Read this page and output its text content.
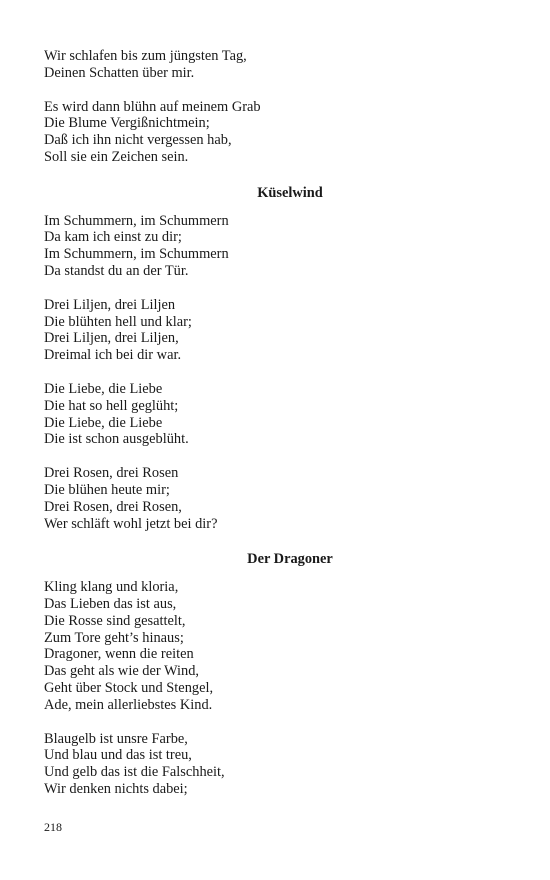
Wir schlafen bis zum jüngsten Tag,
Deinen Schatten über mir.
Es wird dann blühn auf meinem Grab
Die Blume Vergißnichtmein;
Daß ich ihn nicht vergessen hab,
Soll sie ein Zeichen sein.
Küselwind
Im Schummern, im Schummern
Da kam ich einst zu dir;
Im Schummern, im Schummern
Da standst du an der Tür.
Drei Liljen, drei Liljen
Die blühten hell und klar;
Drei Liljen, drei Liljen,
Dreimal ich bei dir war.
Die Liebe, die Liebe
Die hat so hell geglüht;
Die Liebe, die Liebe
Die ist schon ausgeblüht.
Drei Rosen, drei Rosen
Die blühen heute mir;
Drei Rosen, drei Rosen,
Wer schläft wohl jetzt bei dir?
Der Dragoner
Kling klang und kloria,
Das Lieben das ist aus,
Die Rosse sind gesattelt,
Zum Tore geht’s hinaus;
Dragoner, wenn die reiten
Das geht als wie der Wind,
Geht über Stock und Stengel,
Ade, mein allerliebstes Kind.
Blaugelb ist unsre Farbe,
Und blau und das ist treu,
Und gelb das ist die Falschheit,
Wir denken nichts dabei;
218
